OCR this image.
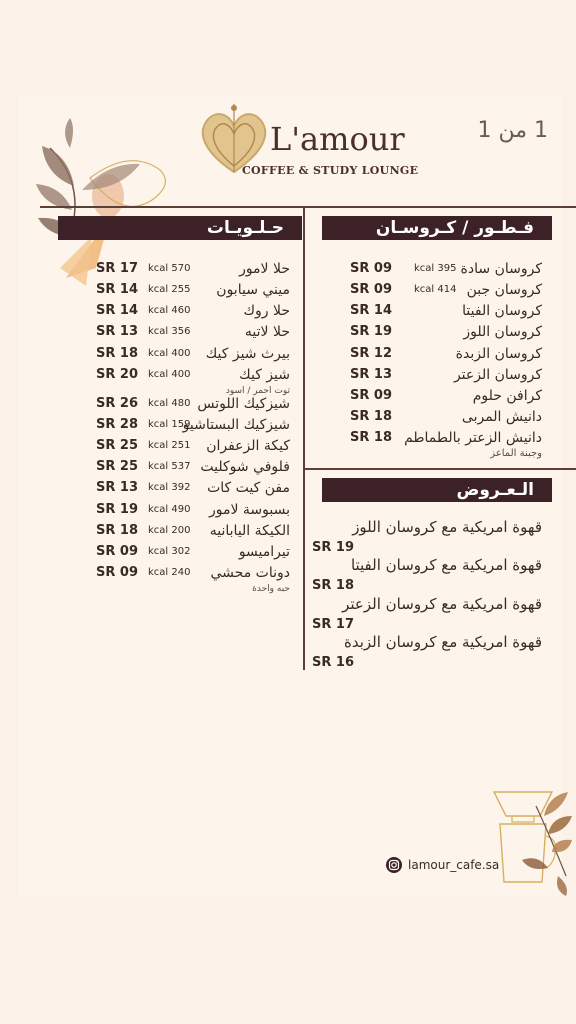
L'amour
COFFEE & STUDY LOUNGE
1 من 1
حـلـويـات	فـطـور / كـروسـان
الـعـروض
حلا لامور
kcal 570
SR 17
ميني سيابون
kcal 255
SR 14
حلا روك
kcal 460
SR 14
حلا لاتيه
kcal 356
SR 13
بيرث شيز كيك
kcal 400
SR 18
شيز كيك
kcal 400
SR 20
توت احمر / اسود
شيزكيك اللوتس
kcal 480
SR 26
شيزكيك البستاشيو
kcal 159
SR 28
كيكة الزعفران
kcal 251
SR 25
فلوفي شوكليت
kcal 537
SR 25
مفن كيت كات
kcal 392
SR 13
بسبوسة لامور
kcal 490
SR 19
الكيكة اليابانيه
kcal 200
SR 18
تيراميسو
kcal 302
SR 09
دونات محشي
kcal 240
SR 09
حبه واحدة
كروسان سادة
kcal 395
SR 09
كروسان جبن
kcal 414
SR 09
كروسان الفيتا
SR 14
كروسان اللوز
SR 19
كروسان الزبدة
SR 12
كروسان الزعتر
SR 13
كرافن حلوم
SR 09
دانيش المربى
SR 18
دانيش الزعتر بالطماطم
SR 18
وجبنة الماعز
قهوة امريكية مع كروسان اللوز
SR 19
قهوة امريكية مع كروسان الفيتا
SR 18
قهوة امريكية مع كروسان الزعتر
SR 17
قهوة امريكية مع كروسان الزبدة
SR 16
lamour_cafe.sa
